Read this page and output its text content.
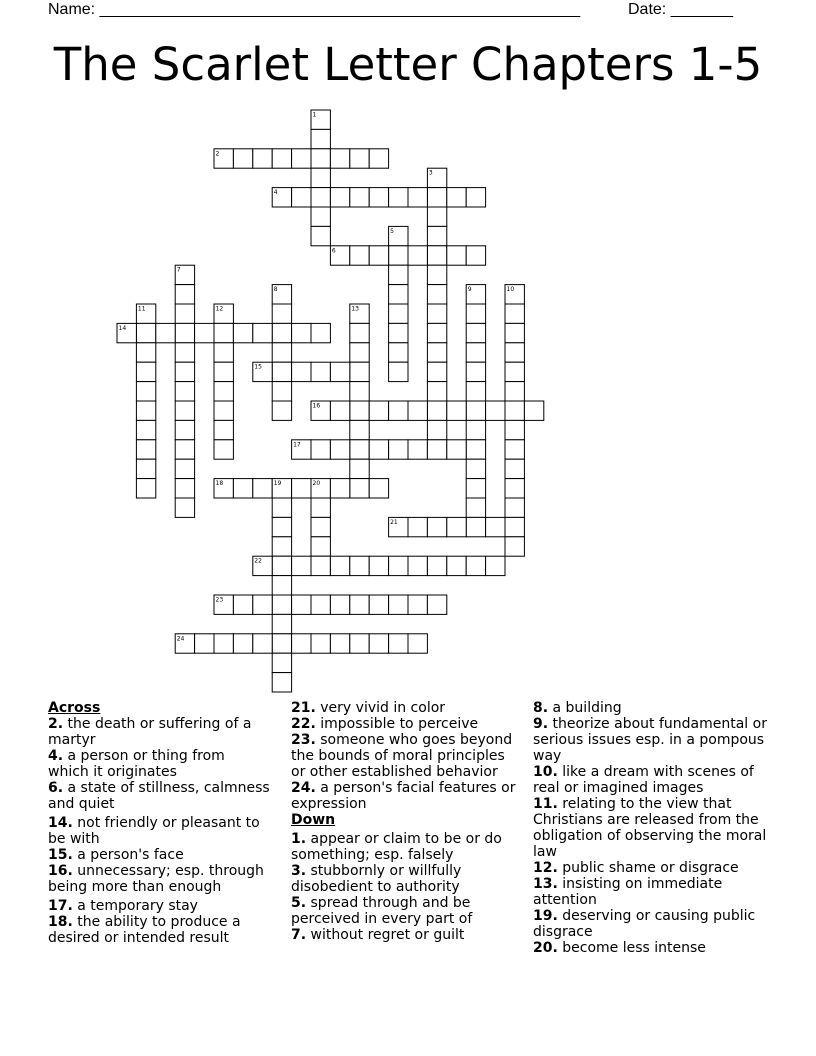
Name: ______________________________________________________	Date: _______
The Scarlet Letter Chapters 1-5
1
2
3
4
5
6
7
8	9	10
11	12	13
14
15
16
17
18	19	20
21
22
23
24
Across
2. the death or suffering of a martyr
4. a person or thing from which it originates
6. a state of stillness, calmness and quiet
14. not friendly or pleasant to be with
15. a person's face
16. unnecessary; esp. through being more than enough
17. a temporary stay
18. the ability to produce a desired or intended result
21. very vivid in color
22. impossible to perceive
23. someone who goes beyond the bounds of moral principles or other established behavior
24. a person's facial features or expression
Down
1. appear or claim to be or do something; esp. falsely
3. stubbornly or willfully disobedient to authority
5. spread through and be perceived in every part of
7. without regret or guilt
8. a building
9. theorize about fundamental or serious issues esp. in a pompous way
10. like a dream with scenes of real or imagined images
11. relating to the view that Christians are released from the obligation of observing the moral law
12. public shame or disgrace
13. insisting on immediate attention
19. deserving or causing public disgrace
20. become less intense
